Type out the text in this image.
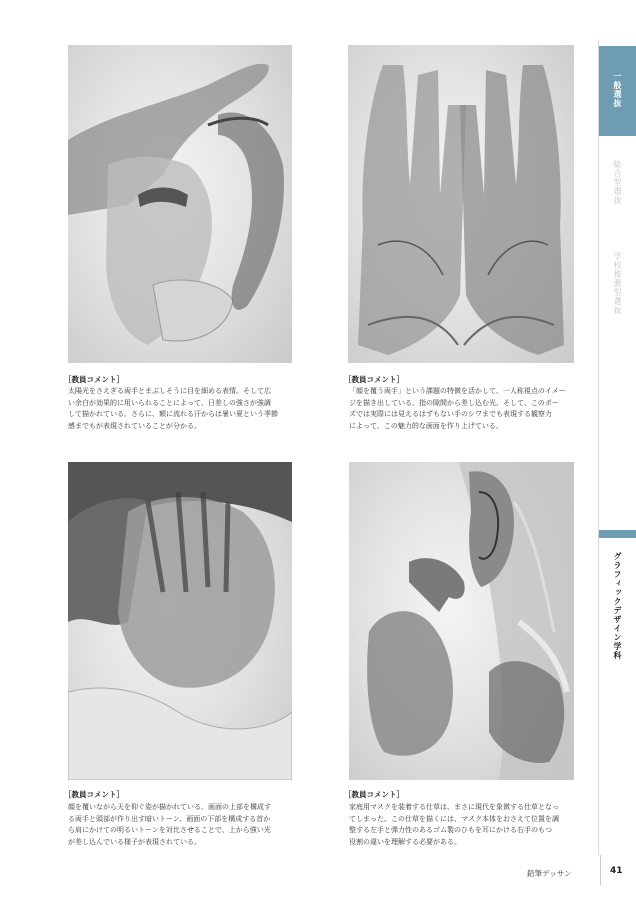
［教員コメント］
太陽光をさえぎる両手とまぶしそうに目を細める表情。そして広
い余白が効果的に用いられることによって、日差しの強さが強調
して描かれている。さらに、額に流れる汗からは暑い夏という季節
感までもが表現されていることが分かる。
［教員コメント］
「顔を覆う両手」という課題の特徴を活かして、一人称視点のイメー
ジを描き出している。指の隙間から差し込む光、そして、このポー
ズでは実際には見えるはずもない手のシワまでも表現する観察力
によって、この魅力的な画面を作り上げている。
［教員コメント］
顔を覆いながら天を仰ぐ姿が描かれている。画面の上部を構成す
る両手と頭部が作り出す暗いトーン、画面の下部を構成する首か
ら肩にかけての明るいトーンを対比させることで、上から強い光
が差し込んでいる様子が表現されている。
［教員コメント］
家庭用マスクを装着する仕草は、まさに現代を象徴する仕草となっ
てしまった。この仕草を描くには、マスク本体をおさえて位置を調
整する左手と弾力性のあるゴム製のひもを耳にかける右手のもつ
役割の違いを理解する必要がある。
一般選抜
総合型選抜
学校推薦型選抜
グラフィックデザイン学科
鉛筆デッサン	41
